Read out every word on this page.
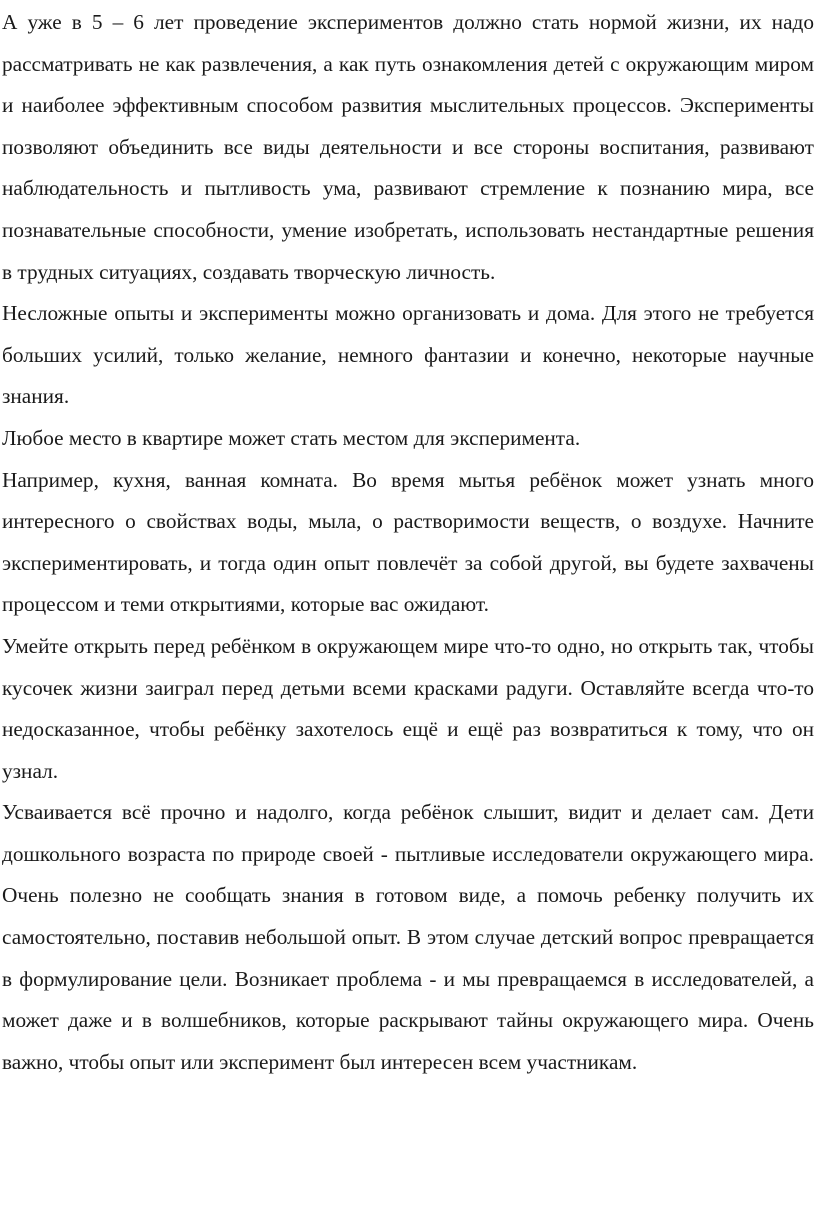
А уже в 5 – 6 лет проведение экспериментов должно стать нормой жизни, их надо рассматривать не как развлечения, а как путь ознакомления детей с окружающим миром и наиболее эффективным способом развития мыслительных процессов. Эксперименты позволяют объединить все виды деятельности и все стороны воспитания, развивают наблюдательность и пытливость ума, развивают стремление к познанию мира, все познавательные способности, умение изобретать, использовать нестандартные решения в трудных ситуациях, создавать творческую личность.

Несложные опыты и эксперименты можно организовать и дома. Для этого не требуется больших усилий, только желание, немного фантазии и конечно, некоторые научные знания.

Любое место в квартире может стать местом для эксперимента.

Например, кухня, ванная комната. Во время мытья ребёнок может узнать много интересного о свойствах воды, мыла, о растворимости веществ, о воздухе. Начните экспериментировать, и тогда один опыт повлечёт за собой другой, вы будете захвачены процессом и теми открытиями, которые вас ожидают.

Умейте открыть перед ребёнком в окружающем мире что-то одно, но открыть так, чтобы кусочек жизни заиграл перед детьми всеми красками радуги. Оставляйте всегда что-то недосказанное, чтобы ребёнку захотелось ещё и ещё раз возвратиться к тому, что он узнал.

Усваивается всё прочно и надолго, когда ребёнок слышит, видит и делает сам. Дети дошкольного возраста по природе своей - пытливые исследователи окружающего мира. Очень полезно не сообщать знания в готовом виде, а помочь ребенку получить их самостоятельно, поставив небольшой опыт. В этом случае детский вопрос превращается в формулирование цели. Возникает проблема - и мы превращаемся в исследователей, а может даже и в волшебников, которые раскрывают тайны окружающего мира. Очень важно, чтобы опыт или эксперимент был интересен всем участникам.
